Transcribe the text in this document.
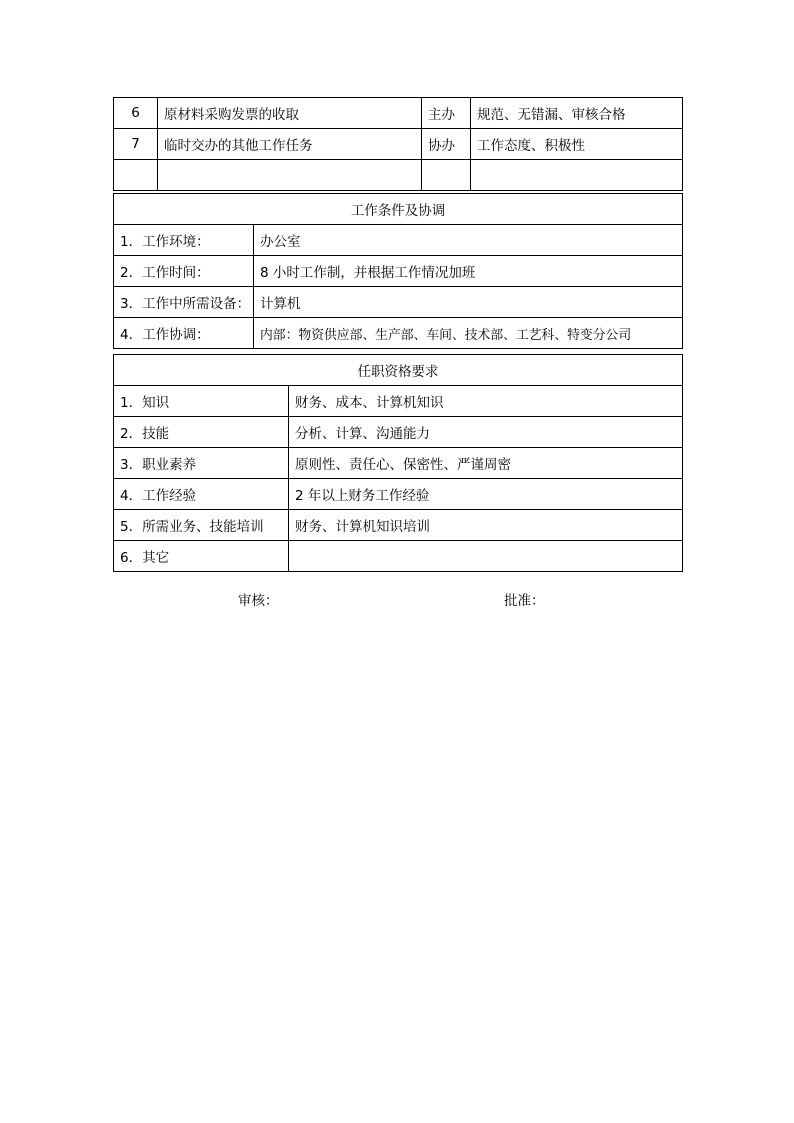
6	原材料采购发票的收取	主办	规范、无错漏、审核合格
7	临时交办的其他工作任务	协办	工作态度、积极性

工作条件及协调	
1．工作环境：	办公室
2．工作时间：	8 小时工作制，并根据工作情况加班
3．工作中所需设备：	计算机
4．工作协调：	内部：物资供应部、生产部、车间、技术部、工艺科、特变分公司
任职资格要求	
1．知识	财务、成本、计算机知识
2．技能	分析、计算、沟通能力
3．职业素养	原则性、责任心、保密性、严谨周密
4．工作经验	2 年以上财务工作经验
5．所需业务、技能培训	财务、计算机知识培训
6．其它	
审核：	批准：
